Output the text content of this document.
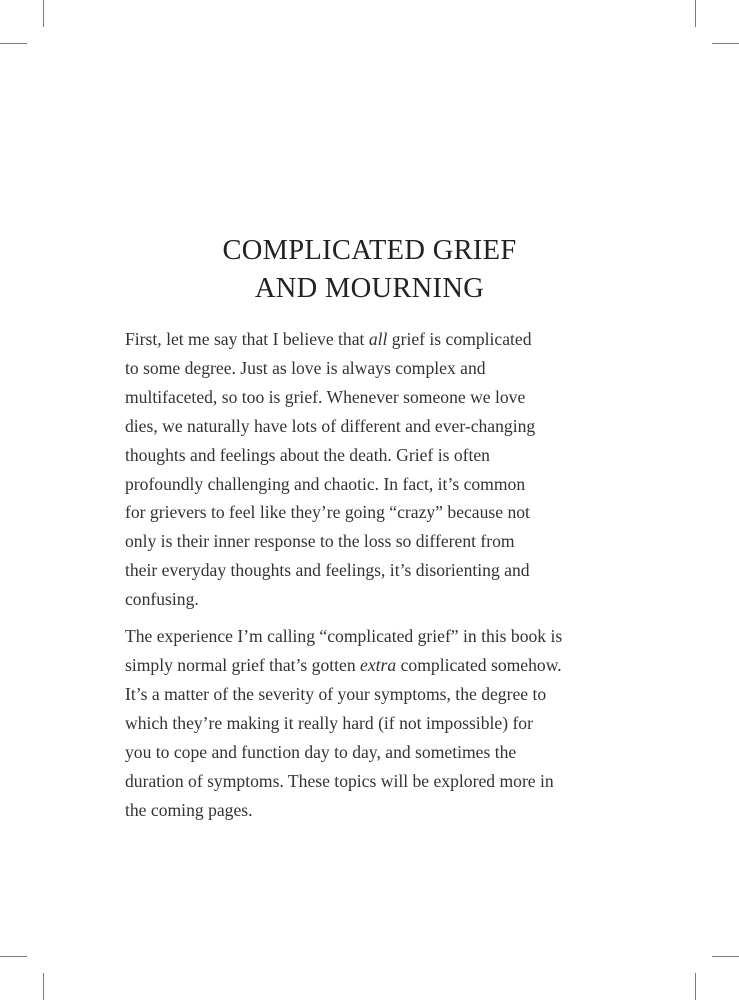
COMPLICATED GRIEF
AND MOURNING

First, let me say that I believe that all grief is complicated
to some degree. Just as love is always complex and
multifaceted, so too is grief. Whenever someone we love
dies, we naturally have lots of different and ever-changing
thoughts and feelings about the death. Grief is often
profoundly challenging and chaotic. In fact, it’s common
for grievers to feel like they’re going “crazy” because not
only is their inner response to the loss so different from
their everyday thoughts and feelings, it’s disorienting and
confusing.

The experience I’m calling “complicated grief” in this book is
simply normal grief that’s gotten extra complicated somehow.
It’s a matter of the severity of your symptoms, the degree to
which they’re making it really hard (if not impossible) for
you to cope and function day to day, and sometimes the
duration of symptoms. These topics will be explored more in
the coming pages.
